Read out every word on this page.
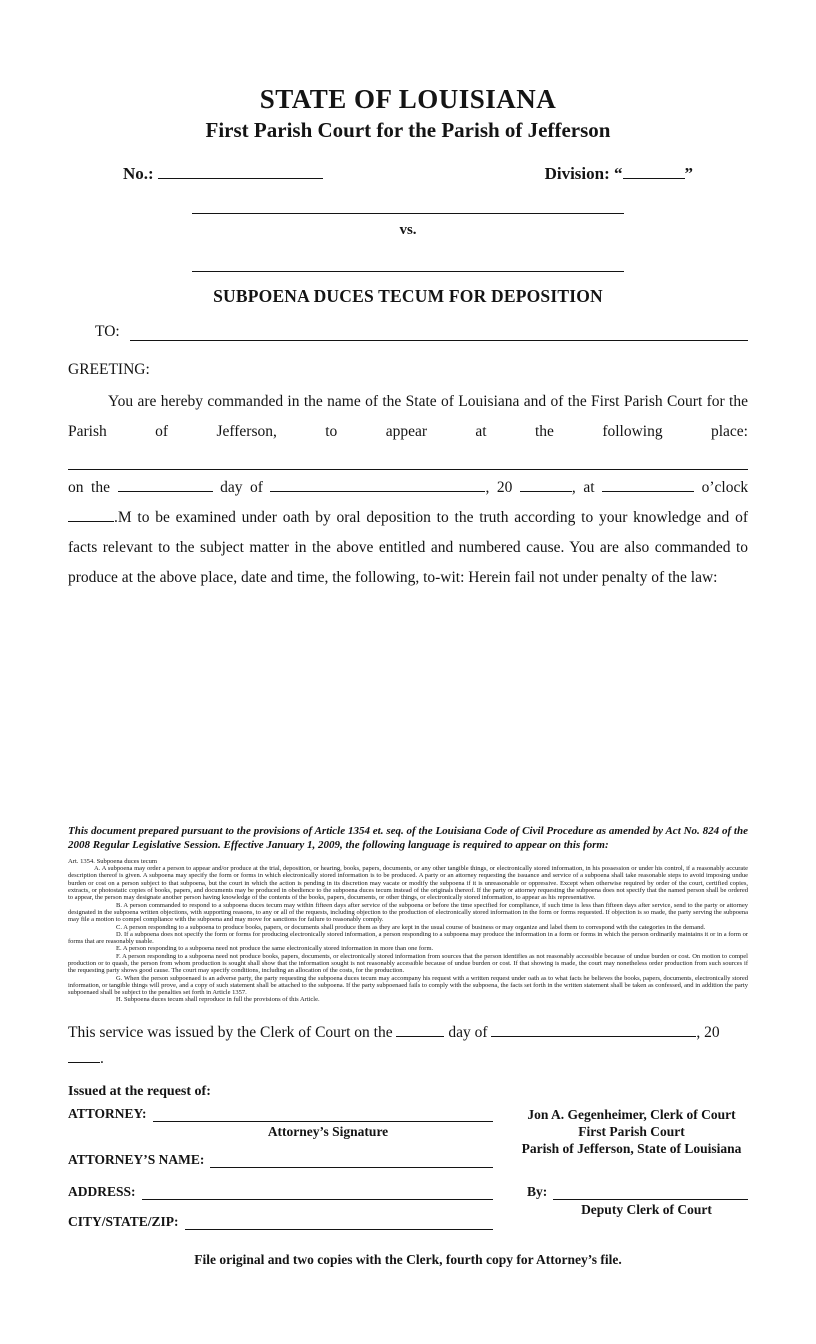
STATE OF LOUISIANA
First Parish Court for the Parish of Jefferson
No.:	Division: “	”
vs.
SUBPOENA DUCES TECUM FOR DEPOSITION
TO:
GREETING:

You are hereby commanded in the name of the State of Louisiana and of the First Parish Court for the Parish of Jefferson, to appear at the following place:

on the	day of	, 20	, at	o’clock .M to be examined under oath by oral deposition to the truth according to your knowledge and of facts relevant to the subject matter in the above entitled and numbered cause. You are also commanded to produce at the above place, date and time, the following, to-wit: Herein fail not under penalty of the law:

This document prepared pursuant to the provisions of Article 1354 et. seq. of the Louisiana Code of Civil Procedure as amended by Act No. 824 of the 2008 Regular Legislative Session. Effective January 1, 2009, the following language is required to appear on this form:

Art. 1354. Subpoena duces tecum

A. A subpoena may order a person to appear and/or produce at the trial, deposition, or hearing, books, papers, documents, or any other tangible things, or electronically stored information, in his possession or under his control, if a reasonably accurate description thereof is given. A subpoena may specify the form or forms in which electronically stored information is to be produced. A party or an attorney requesting the issuance and service of a subpoena shall take reasonable steps to avoid imposing undue burden or cost on a person subject to that subpoena, but the court in which the action is pending in its discretion may vacate or modify the subpoena if it is unreasonable or oppressive. Except when otherwise required by order of the court, certified copies, extracts, or photostatic copies of books, papers, and documents may be produced in obedience to the subpoena duces tecum instead of the originals thereof. If the party or attorney requesting the subpoena does not specify that the named person shall be ordered to appear, the person may designate another person having knowledge of the contents of the books, papers, documents, or other things, or electronically stored information, to appear as his representative.

B. A person commanded to respond to a subpoena duces tecum may within fifteen days after service of the subpoena or before the time specified for compliance, if such time is less than fifteen days after service, send to the party or attorney designated in the subpoena written objections, with supporting reasons, to any or all of the requests, including objection to the production of electronically stored information in the form or forms requested. If objection is so made, the party serving the subpoena may file a motion to compel compliance with the subpoena and may move for sanctions for failure to reasonably comply.

C. A person responding to a subpoena to produce books, papers, or documents shall produce them as they are kept in the usual course of business or may organize and label them to correspond with the categories in the demand.

D. If a subpoena does not specify the form or forms for producing electronically stored information, a person responding to a subpoena may produce the information in a form or forms in which the person ordinarily maintains it or in a form or forms that are reasonably usable.

E. A person responding to a subpoena need not produce the same electronically stored information in more than one form.

F. A person responding to a subpoena need not produce books, papers, documents, or electronically stored information from sources that the person identifies as not reasonably accessible because of undue burden or cost. On motion to compel production or to quash, the person from whom production is sought shall show that the information sought is not reasonably accessible because of undue burden or cost. If that showing is made, the court may nonetheless order production from such sources if the requesting party shows good cause. The court may specify conditions, including an allocation of the costs, for the production.

G. When the person subpoenaed is an adverse party, the party requesting the subpoena duces tecum may accompany his request with a written request under oath as to what facts he believes the books, papers, documents, electronically stored information, or tangible things will prove, and a copy of such statement shall be attached to the subpoena. If the party subpoenaed fails to comply with the subpoena, the facts set forth in the written statement shall be taken as confessed, and in addition the party subpoenaed shall be subject to the penalties set forth in Article 1357.

H. Subpoena duces tecum shall reproduce in full the provisions of this Article.

This service was issued by the Clerk of Court on the	day of	, 20 .

Issued at the request of:
ATTORNEY:
Attorney’s Signature
ATTORNEY’S NAME:
ADDRESS:
CITY/STATE/ZIP:
Jon A. Gegenheimer, Clerk of Court
First Parish Court
Parish of Jefferson, State of Louisiana
By:
Deputy Clerk of Court
File original and two copies with the Clerk, fourth copy for Attorney’s file.
